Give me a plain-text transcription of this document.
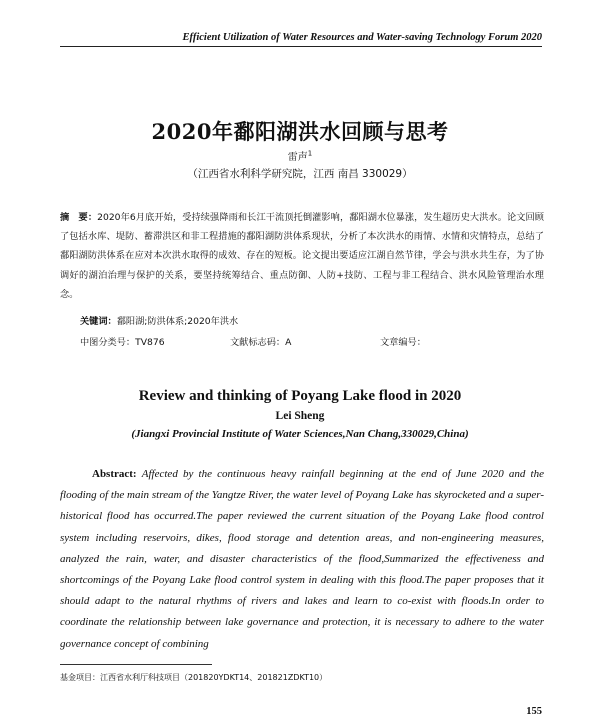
Efficient Utilization of Water Resources and Water-saving Technology Forum 2020
2020年鄱阳湖洪水回顾与思考
雷声$^1$
（江西省水利科学研究院，江西 南昌 330029）
摘　要：2020年6月底开始，受持续强降雨和长江干流顶托倒灌影响，鄱阳湖水位暴涨，发生超历史大洪水。论文回顾了包括水库、堤防、蓄滞洪区和非工程措施的鄱阳湖防洪体系现状，分析了本次洪水的雨情、水情和灾情特点，总结了鄱阳湖防洪体系在应对本次洪水取得的成效、存在的短板。论文提出要适应江湖自然节律，学会与洪水共生存，为了协调好的湖泊治理与保护的关系，要坚持统筹结合、重点防御、人防+技防、工程与非工程结合、洪水风险管理治水理念。
关键词：鄱阳湖;防洪体系;2020年洪水
中图分类号：TV876	文献标志码：A	文章编号：
Review and thinking of Poyang Lake flood in 2020
Lei Sheng
(Jiangxi Provincial Institute of Water Sciences,Nan Chang,330029,China)
Abstract: Affected by the continuous heavy rainfall beginning at the end of June 2020 and the flooding of the main stream of the Yangtze River, the water level of Poyang Lake has skyrocketed and a super-historical flood has occurred.The paper reviewed the current situation of the Poyang Lake flood control system including reservoirs, dikes, flood storage and detention areas, and non-engineering measures, analyzed the rain, water, and disaster characteristics of the flood,Summarized the effectiveness and shortcomings of the Poyang Lake flood control system in dealing with this flood.The paper proposes that it should adapt to the natural rhythms of rivers and lakes and learn to co-exist with floods.In order to coordinate the relationship between lake governance and protection, it is necessary to adhere to the water governance concept of combining
基金项目：江西省水利厅科技项目（201820YDKT14、201821ZDKT10）
155
